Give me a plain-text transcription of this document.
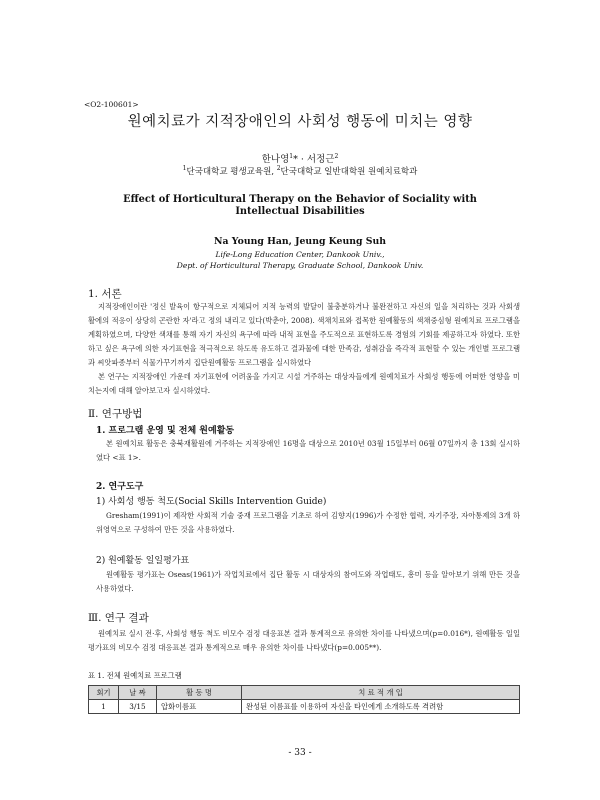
<O2-100601>
원예치료가 지적장애인의 사회성 행동에 미치는 영향
한나영$^1$* · 서정근$^2$
$^1$단국대학교 평생교육원, $^2$단국대학교 일반대학원 원예치료학과
Effect of Horticultural Therapy on the Behavior of Sociality with Intellectual Disabilities
Na Young Han, Jeung Keung Suh
Life-Long Education Center, Dankook Univ.,
Dept. of Horticultural Therapy, Graduate School, Dankook Univ.
1. 서론

지적장애인이란 '정신 발육이 항구적으로 지체되어 지적 능력의 발달이 불충분하거나 불완전하고 자신의 일을 처리하는 것과 사회생활에의 적응이 상당히 곤란한 자'라고 정의 내리고 있다(박춘아, 2008). 색채치료와 접목한 원예활동의 색채중심형 원예치료 프로그램을 계획하였으며, 다양한 색채를 통해 자기 자신의 욕구에 따라 내적 표현을 주도적으로 표현하도록 경험의 기회를 제공하고자 하였다. 또한 하고 싶은 욕구에 의한 자기표현을 적극적으로 하도록 유도하고 결과물에 대한 만족감, 성취감을 즉각적 표현할 수 있는 개인별 프로그램과 씨앗파종부터 식물가꾸기까지 집단원예활동 프로그램을 실시하였다

본 연구는 지적장애인 가운데 자기표현에 어려움을 가지고 시설 거주하는 대상자들에게 원예치료가 사회성 행동에 어떠한 영향을 미치는지에 대해 알아보고자 실시하였다.

Ⅱ. 연구방법
1. 프로그램 운영 및 전체 원예활동

본 원예치료 활동은 충북재활원에 거주하는 지적장애인 16명을 대상으로 2010년 03월 15일부터 06월 07일까지 총 13회 실시하였다 <표 1>.

2. 연구도구
1) 사회성 행동 척도(Social Skills Intervention Guide)

Gresham(1991)이 제작한 사회적 기술 중재 프로그램을 기초로 하여 김향지(1996)가 수정한 협력, 자기주장, 자아통제의 3개 하위영역으로 구성하여 만든 것을 사용하였다.

2) 원예활동 일일평가표

원예활동 평가표는 Oseas(1961)가 작업치료에서 집단 활동 시 대상자의 참여도와 작업태도, 흥미 등을 알아보기 위해 만든 것을 사용하였다.

Ⅲ. 연구 결과

원예치료 실시 전·후, 사회성 행동 척도 비모수 검정 대응표본 결과 통계적으로 유의한 차이를 나타냈으며(p=0.016*), 원예활동 일일평가표의 비모수 검정 대응표본 결과 통계적으로 매우 유의한 차이를 나타냈다(p=0.005**).

표 1. 전체 원예치료 프로그램
회기	날 짜	활 동 명	치 료 적 개 입
1	3/15	압화이름표	완성된 이름표를 이용하여 자신을 타인에게 소개하도록 격려함
- 33 -
